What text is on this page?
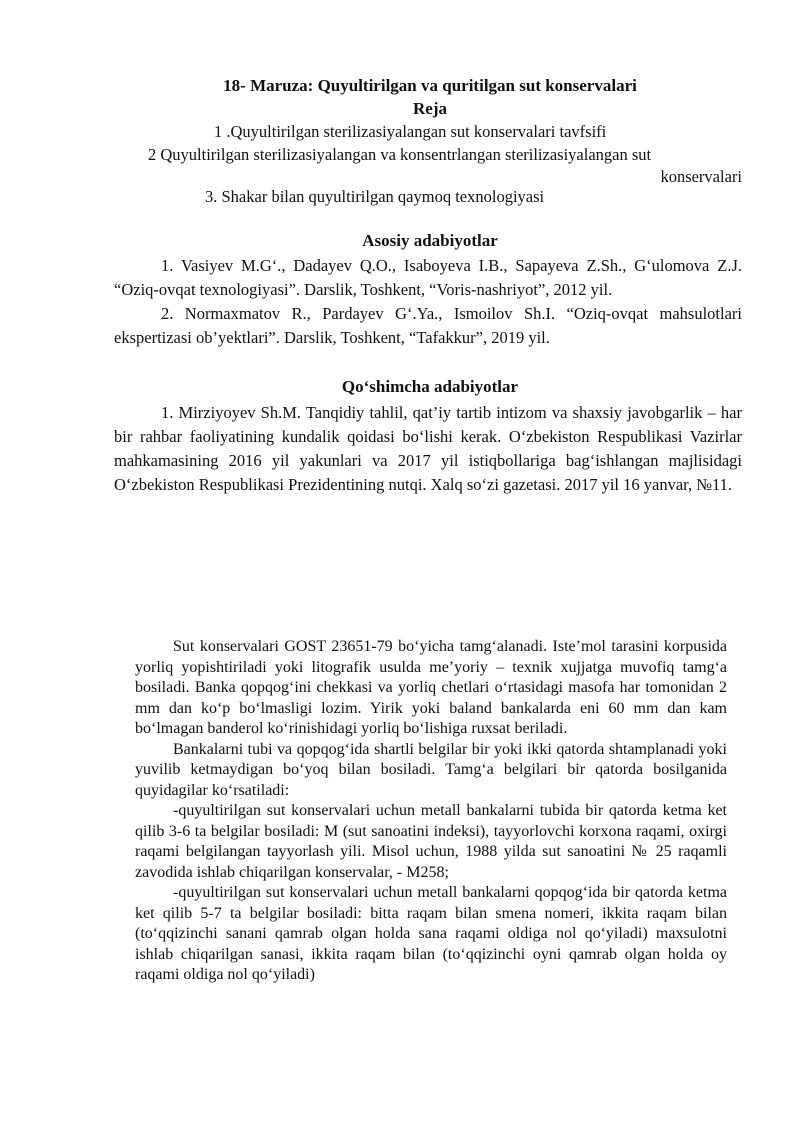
18- Maruza: Quyultirilgan va quritilgan sut konservalari
Reja
1 .Quyultirilgan sterilizasiyalangan sut konservalari tavfsifi
2 Quyultirilgan sterilizasiyalangan va konsentrlangan sterilizasiyalangan sut
konservalari
3. Shakar bilan quyultirilgan qaymoq texnologiyasi
Asosiy adabiyotlar

1. Vasiyev M.G‘., Dadayev Q.O., Isaboyeva I.B., Sapayeva Z.Sh., G‘ulomova Z.J. “Oziq-ovqat texnologiyasi”. Darslik, Toshkent, “Voris-nashriyot”, 2012 yil.

2. Normaxmatov R., Pardayev G‘.Ya., Ismoilov Sh.I. “Oziq-ovqat mahsulotlari ekspertizasi ob’yektlari”. Darslik, Toshkent, “Tafakkur”, 2019 yil.

Qo‘shimcha adabiyotlar

1. Mirziyoyev Sh.M. Tanqidiy tahlil, qat’iy tartib intizom va shaxsiy javobgarlik – har bir rahbar faoliyatining kundalik qoidasi bo‘lishi kerak. O‘zbekiston Respublikasi Vazirlar mahkamasining 2016 yil yakunlari va 2017 yil istiqbollariga bag‘ishlangan majlisidagi O‘zbekiston Respublikasi Prezidentining nutqi. Xalq so‘zi gazetasi. 2017 yil 16 yanvar, №11.

Sut konservalari GOST 23651-79 bo‘yicha tamg‘alanadi. Iste’mol tarasini korpusida yorliq yopishtiriladi yoki litografik usulda me’yoriy – texnik xujjatga muvofiq tamg‘a bosiladi. Banka qopqog‘ini chekkasi va yorliq chetlari o‘rtasidagi masofa har tomonidan 2 mm dan ko‘p bo‘lmasligi lozim. Yirik yoki baland bankalarda eni 60 mm dan kam bo‘lmagan banderol ko‘rinishidagi yorliq bo‘lishiga ruxsat beriladi.

Bankalarni tubi va qopqog‘ida shartli belgilar bir yoki ikki qatorda shtamplanadi yoki yuvilib ketmaydigan bo‘yoq bilan bosiladi. Tamg‘a belgilari bir qatorda bosilganida quyidagilar ko‘rsatiladi:

-quyultirilgan sut konservalari uchun metall bankalarni tubida bir qatorda ketma ket qilib 3-6 ta belgilar bosiladi: M (sut sanoatini indeksi), tayyorlovchi korxona raqami, oxirgi raqami belgilangan tayyorlash yili. Misol uchun, 1988 yilda sut sanoatini № 25 raqamli zavodida ishlab chiqarilgan konservalar, - M258;

-quyultirilgan sut konservalari uchun metall bankalarni qopqog‘ida bir qatorda ketma ket qilib 5-7 ta belgilar bosiladi: bitta raqam bilan smena nomeri, ikkita raqam bilan (to‘qqizinchi sanani qamrab olgan holda sana raqami oldiga nol qo‘yiladi) maxsulotni ishlab chiqarilgan sanasi, ikkita raqam bilan (to‘qqizinchi oyni qamrab olgan holda oy raqami oldiga nol qo‘yiladi)
